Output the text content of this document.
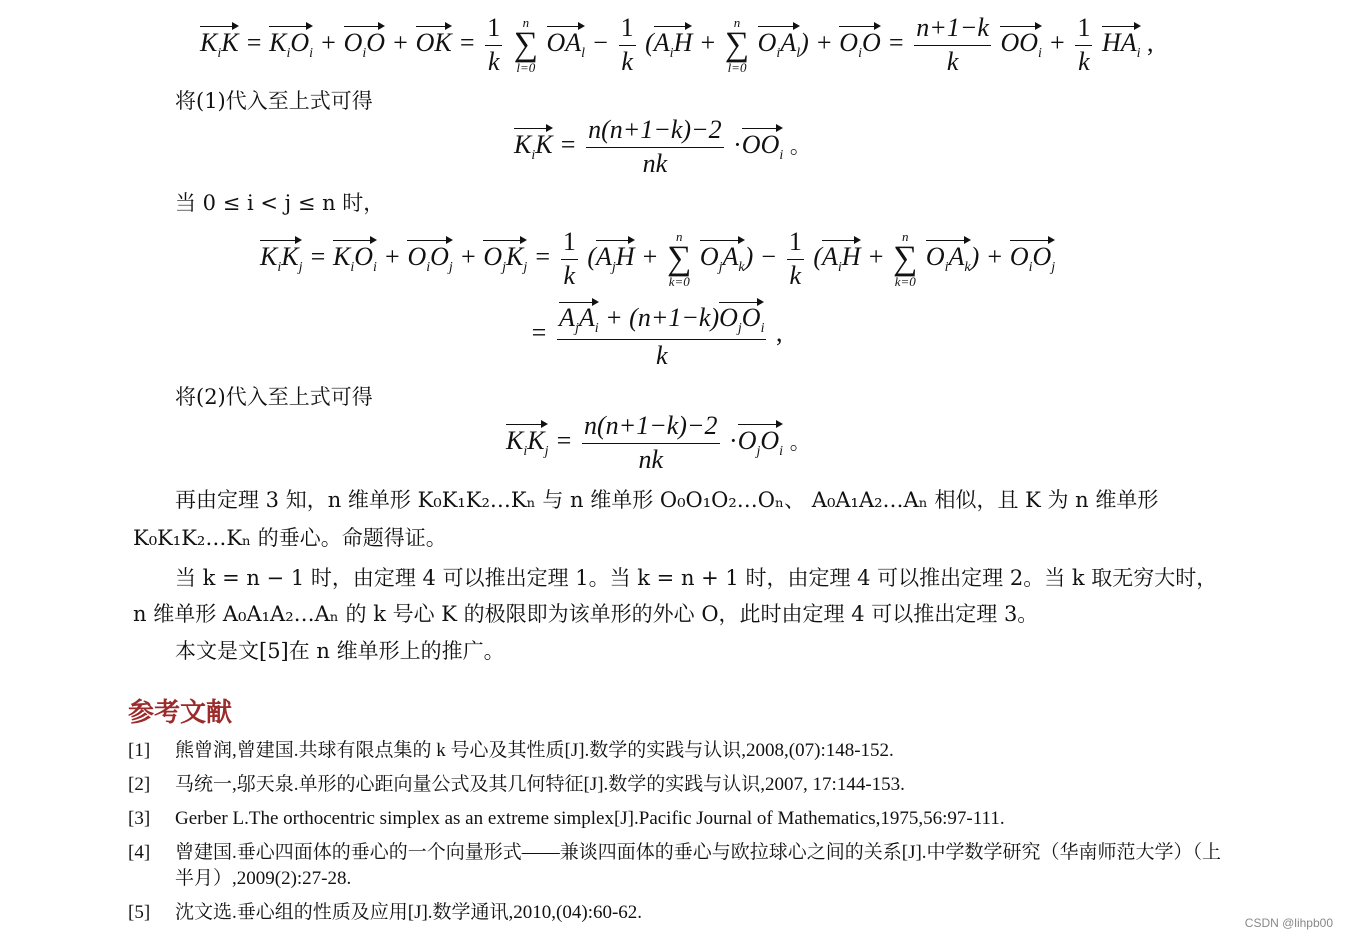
$K_iK = K_iO_i + O_iO$ + OK = $\frac{1}{k}$
n
∑
l=0
$OA_l - \frac{1}{k} (A_iH$ +
n
∑
l=0
$O_iA_l) + O_iO = \frac{n+1-k}{k} OO_i + \frac{1}{k} HA_i$ ,
将(1)代入至上式可得
$K_iK = \frac{n(n+1-k)-2}{nk} \cdot OO_i$ 。
当 0 ≤ i < j ≤ n 时，
$K_iK_j = K_iO_i + O_iO_j + O_jK_j = \frac{1}{k} (A_jH$ +
n
∑
k=0
$O_jA_k) - \frac{1}{k} (A_iH$ +
n
∑
k=0
$O_iA_k) + O_iO_j$
= $\frac{A_jA_i + (n+1-k)O_jO_i}{k}$ ,
将(2)代入至上式可得
$K_iK_j = \frac{n(n+1-k)-2}{nk} \cdot O_jO_i$ 。
再由定理 3 知，n 维单形 K₀K₁K₂…Kₙ 与 n 维单形 O₀O₁O₂…Oₙ、 A₀A₁A₂…Aₙ 相似，且 K 为 n 维单形 K₀K₁K₂…Kₙ 的垂心。命题得证。
当 k = n − 1 时，由定理 4 可以推出定理 1。当 k = n + 1 时，由定理 4 可以推出定理 2。当 k 取无穷大时，n 维单形 A₀A₁A₂…Aₙ 的 k 号心 K 的极限即为该单形的外心 O，此时由定理 4 可以推出定理 3。
本文是文[5]在 n 维单形上的推广。
参考文献
[1]	熊曾润,曾建国.共球有限点集的 k 号心及其性质[J].数学的实践与认识,2008,(07):148-152.
[2]	马统一,邬天泉.单形的心距向量公式及其几何特征[J].数学的实践与认识,2007, 17:144-153.
[3]	Gerber L.The orthocentric simplex as an extreme simplex[J].Pacific Journal of Mathematics,1975,56:97-111.
[4]	曾建国.垂心四面体的垂心的一个向量形式——兼谈四面体的垂心与欧拉球心之间的关系[J].中学数学研究（华南师范大学）（上半月）,2009(2):27-28.
[5]	沈文选.垂心组的性质及应用[J].数学通讯,2010,(04):60-62.	CSDN @lihpb00
